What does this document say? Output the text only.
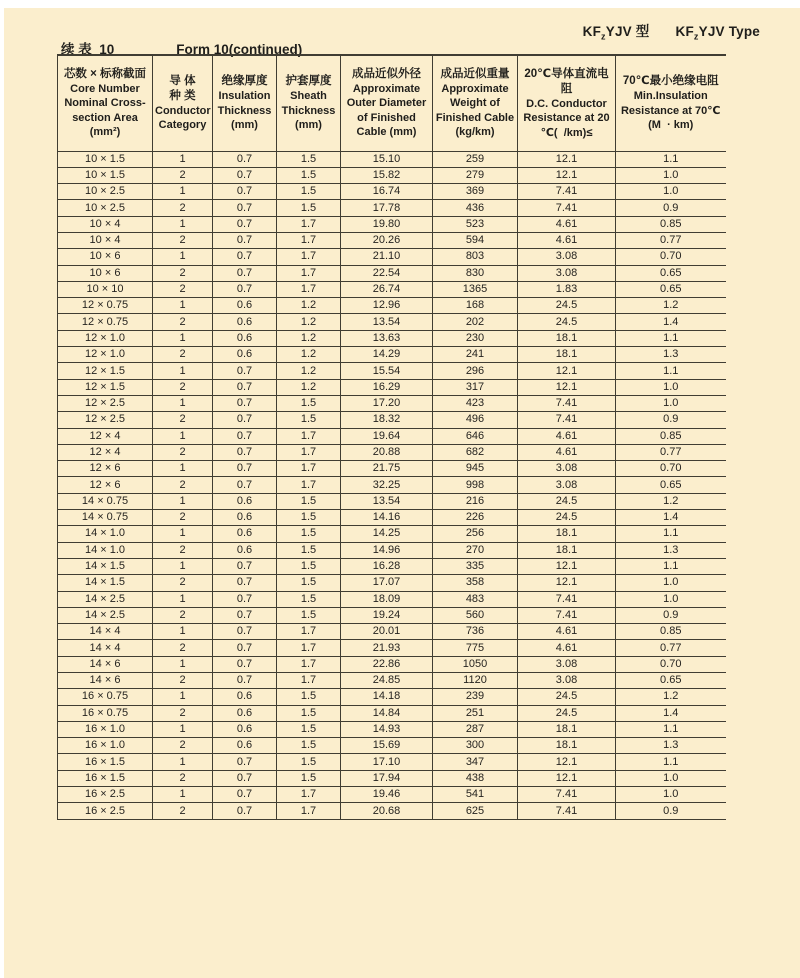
$KF_zYJV$ 型 $KF_zYJV$ Type
续 表  10	Form 10(continued)
芯数 × 标称截面
Core Number
Nominal Cross-
section Area
(mm²)

导 体
种 类
Conductor
Category

绝缘厚度
Insulation
Thickness
(mm)

护套厚度
Sheath
Thickness
(mm)

成品近似外径
Approximate
Outer Diameter
of Finished
Cable (mm)

成品近似重量
Approximate
Weight of
Finished Cable
(kg/km)

20℃导体直流电阻
D.C. Conductor
Resistance at 20
℃(  /km)≤

70℃最小绝缘电阻
Min.Insulation
Resistance at 70℃
(M  · km)

10 × 1.5	1	0.7	1.5	15.10	259	12.1	1.1
10 × 1.5	2	0.7	1.5	15.82	279	12.1	1.0
10 × 2.5	1	0.7	1.5	16.74	369	7.41	1.0
10 × 2.5	2	0.7	1.5	17.78	436	7.41	0.9
10 × 4	1	0.7	1.7	19.80	523	4.61	0.85
10 × 4	2	0.7	1.7	20.26	594	4.61	0.77
10 × 6	1	0.7	1.7	21.10	803	3.08	0.70
10 × 6	2	0.7	1.7	22.54	830	3.08	0.65
10 × 10	2	0.7	1.7	26.74	1365	1.83	0.65
12 × 0.75	1	0.6	1.2	12.96	168	24.5	1.2
12 × 0.75	2	0.6	1.2	13.54	202	24.5	1.4
12 × 1.0	1	0.6	1.2	13.63	230	18.1	1.1
12 × 1.0	2	0.6	1.2	14.29	241	18.1	1.3
12 × 1.5	1	0.7	1.2	15.54	296	12.1	1.1
12 × 1.5	2	0.7	1.2	16.29	317	12.1	1.0
12 × 2.5	1	0.7	1.5	17.20	423	7.41	1.0
12 × 2.5	2	0.7	1.5	18.32	496	7.41	0.9
12 × 4	1	0.7	1.7	19.64	646	4.61	0.85
12 × 4	2	0.7	1.7	20.88	682	4.61	0.77
12 × 6	1	0.7	1.7	21.75	945	3.08	0.70
12 × 6	2	0.7	1.7	32.25	998	3.08	0.65
14 × 0.75	1	0.6	1.5	13.54	216	24.5	1.2
14 × 0.75	2	0.6	1.5	14.16	226	24.5	1.4
14 × 1.0	1	0.6	1.5	14.25	256	18.1	1.1
14 × 1.0	2	0.6	1.5	14.96	270	18.1	1.3
14 × 1.5	1	0.7	1.5	16.28	335	12.1	1.1
14 × 1.5	2	0.7	1.5	17.07	358	12.1	1.0
14 × 2.5	1	0.7	1.5	18.09	483	7.41	1.0
14 × 2.5	2	0.7	1.5	19.24	560	7.41	0.9
14 × 4	1	0.7	1.7	20.01	736	4.61	0.85
14 × 4	2	0.7	1.7	21.93	775	4.61	0.77
14 × 6	1	0.7	1.7	22.86	1050	3.08	0.70
14 × 6	2	0.7	1.7	24.85	1120	3.08	0.65
16 × 0.75	1	0.6	1.5	14.18	239	24.5	1.2
16 × 0.75	2	0.6	1.5	14.84	251	24.5	1.4
16 × 1.0	1	0.6	1.5	14.93	287	18.1	1.1
16 × 1.0	2	0.6	1.5	15.69	300	18.1	1.3
16 × 1.5	1	0.7	1.5	17.10	347	12.1	1.1
16 × 1.5	2	0.7	1.5	17.94	438	12.1	1.0
16 × 2.5	1	0.7	1.7	19.46	541	7.41	1.0
16 × 2.5	2	0.7	1.7	20.68	625	7.41	0.9
